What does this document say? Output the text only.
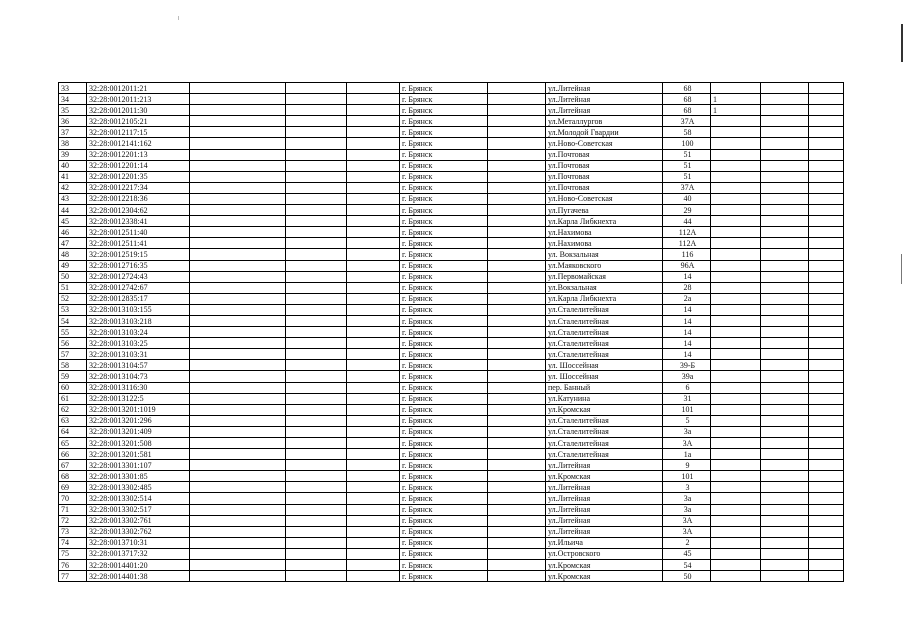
33	32:28:0012011:21				г. Брянск		ул.Литейная	68			
34	32:28:0012011:213				г. Брянск		ул.Литейная	68	1		
35	32:28:0012011:30				г. Брянск		ул.Литейная	68	1		
36	32:28:0012105:21				г. Брянск		ул.Металлургов	37А			
37	32:28:0012117:15				г. Брянск		ул.Молодой Гвардии	58			
38	32:28:0012141:162				г. Брянск		ул.Ново-Советская	100			
39	32:28:0012201:13				г. Брянск		ул.Почтовая	51			
40	32:28:0012201:14				г. Брянск		ул.Почтовая	51			
41	32:28:0012201:35				г. Брянск		ул.Почтовая	51			
42	32:28:0012217:34				г. Брянск		ул.Почтовая	37А			
43	32:28:0012218:36				г. Брянск		ул.Ново-Советская	40			
44	32:28:0012304:62				г. Брянск		ул.Пугачева	29			
45	32:28:0012338:41				г. Брянск		ул.Карла Либкнехта	44			
46	32:28:0012511:40				г. Брянск		ул.Нахимова	112А			
47	32:28:0012511:41				г. Брянск		ул.Нахимова	112А			
48	32:28:0012519:15				г. Брянск		ул. Вокзальная	116			
49	32:28:0012716:35				г. Брянск		ул.Маяковского	96А			
50	32:28:0012724:43				г. Брянск		ул.Первомайская	14			
51	32:28:0012742:67				г. Брянск		ул.Вокзальная	28			
52	32:28:0012835:17				г. Брянск		ул.Карла Либкнехта	2а			
53	32:28:0013103:155				г. Брянск		ул.Сталелитейная	14			
54	32:28:0013103:218				г. Брянск		ул.Сталелитейная	14			
55	32:28:0013103:24				г. Брянск		ул.Сталелитейная	14			
56	32:28:0013103:25				г. Брянск		ул.Сталелитейная	14			
57	32:28:0013103:31				г. Брянск		ул.Сталелитейная	14			
58	32:28:0013104:57				г. Брянск		ул. Шоссейная	39-Б			
59	32:28:0013104:73				г. Брянск		ул. Шоссейная	39а			
60	32:28:0013116:30				г. Брянск		пер. Банный	6			
61	32:28:0013122:5				г. Брянск		ул.Катунина	31			
62	32:28:0013201:1019				г. Брянск		ул.Кромская	101			
63	32:28:0013201:296				г. Брянск		ул.Сталелитейная	5			
64	32:28:0013201:409				г. Брянск		ул.Сталелитейная	3а			
65	32:28:0013201:508				г. Брянск		ул.Сталелитейная	3А			
66	32:28:0013201:581				г. Брянск		ул.Сталелитейная	1а			
67	32:28:0013301:107				г. Брянск		ул.Литейная	9			
68	32:28:0013301:85				г. Брянск		ул.Кромская	101			
69	32:28:0013302:485				г. Брянск		ул.Литейная	3			
70	32:28:0013302:514				г. Брянск		ул.Литейная	3а			
71	32:28:0013302:517				г. Брянск		ул.Литейная	3а			
72	32:28:0013302:761				г. Брянск		ул.Литейная	3А			
73	32:28:0013302:762				г. Брянск		ул.Литейная	3А			
74	32:28:0013710:31				г. Брянск		ул.Ильича	2			
75	32:28:0013717:32				г. Брянск		ул.Островского	45			
76	32:28:0014401:20				г. Брянск		ул.Кромская	54			
77	32:28:0014401:38				г. Брянск		ул.Кромская	50			
